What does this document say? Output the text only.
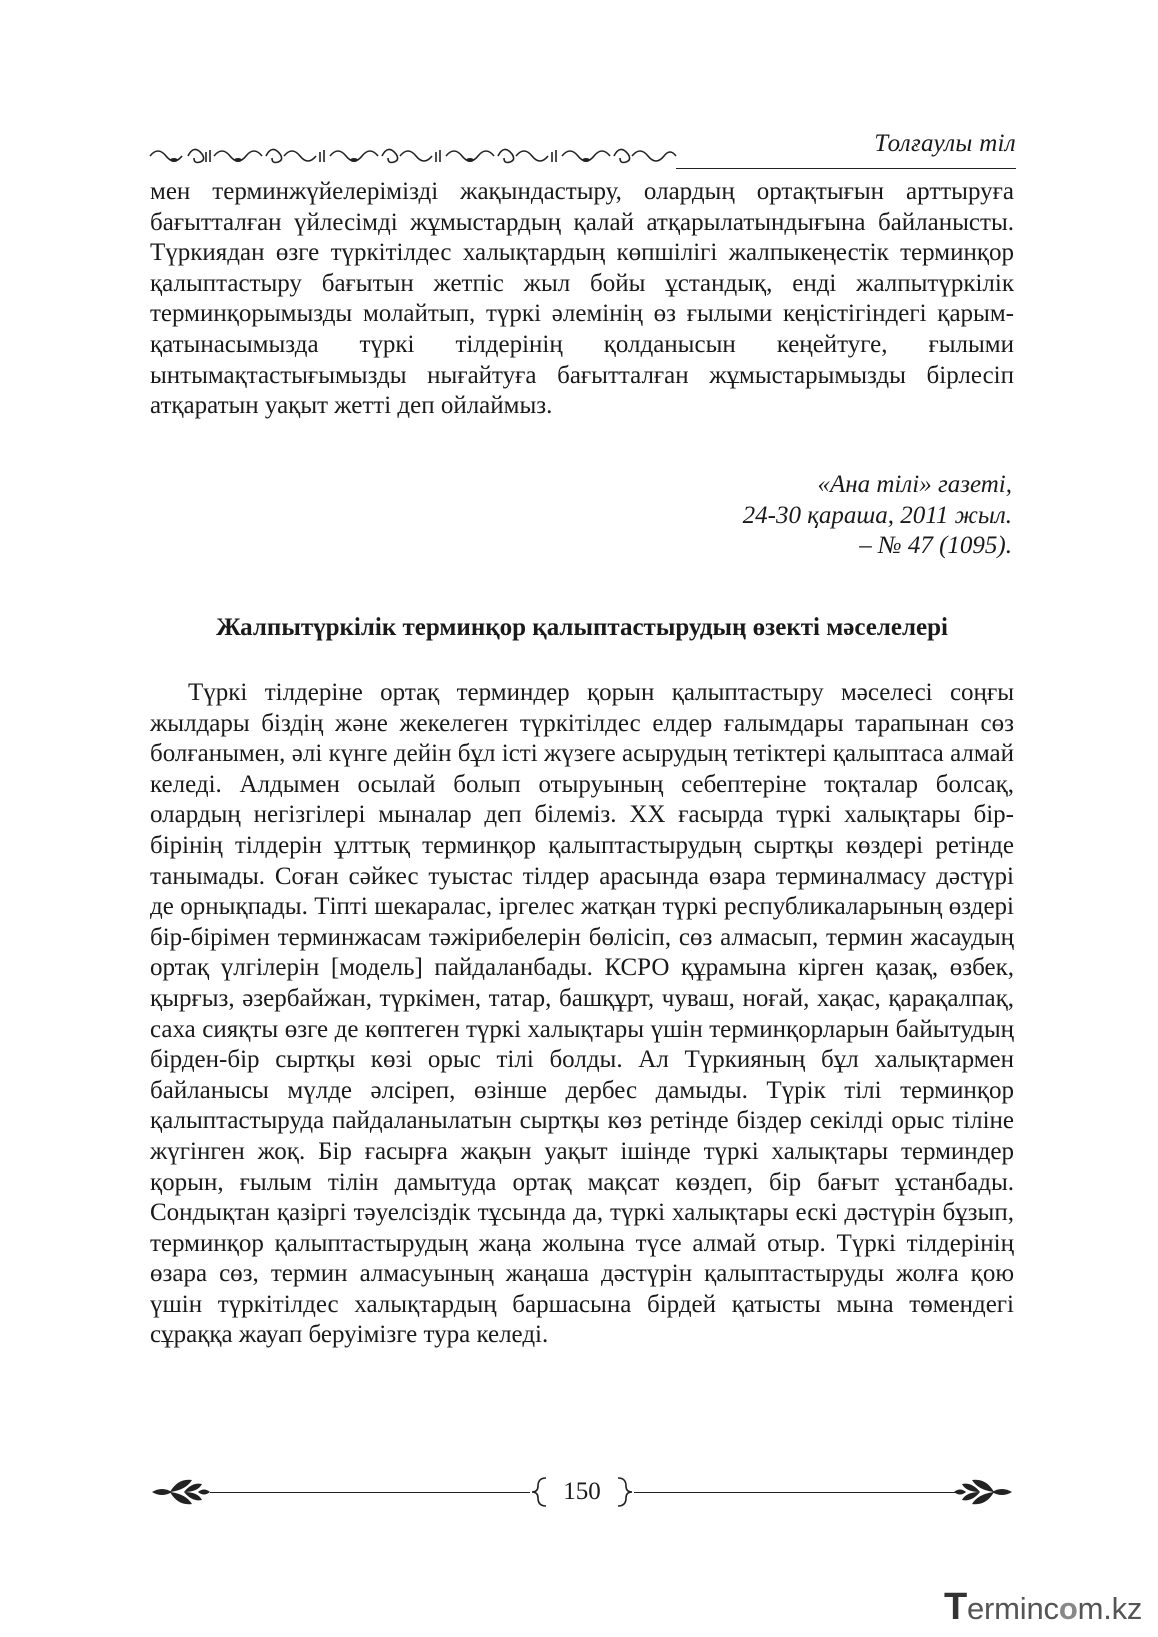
Толғаулы тіл

мен терминжүйелерімізді жақындастыру, олардың ортақтығын арттыруға бағытталған үйлесімді жұмыстардың қалай атқарылатындығына байланысты. Түркиядан өзге түркітілдес халықтардың көпшілігі жалпыкеңестік терминқор қалыптастыру бағытын жетпіс жыл бойы ұстандық, енді жалпытүркілік терминқорымызды молайтып, түркі әлемінің өз ғылыми кеңістігіндегі қарым-қатынасымызда түркі тілдерінің қолданысын кеңейтуге, ғылыми ынтымақтастығымызды нығайтуға бағытталған жұмыстарымызды бірлесіп атқаратын уақыт жетті деп ойлаймыз.

«Ана тілі» газеті,
24-30 қараша, 2011 жыл.
– № 47 (1095).
Жалпытүркілік терминқор қалыптастырудың өзекті мәселелері

Түркі тілдеріне ортақ терминдер қорын қалыптастыру мәселесі соңғы жылдары біздің және жекелеген түркітілдес елдер ғалымдары тарапынан сөз болғанымен, әлі күнге дейін бұл істі жүзеге асырудың тетіктері қалыптаса алмай келеді. Алдымен осылай болып отыруының себептеріне тоқталар болсақ, олардың негізгілері мыналар деп білеміз. XX ғасырда түркі халықтары бір-бірінің тілдерін ұлттық терминқор қалыптастырудың сыртқы көздері ретінде танымады. Соған сәйкес туыстас тілдер арасында өзара терминалмасу дәстүрі де орнықпады. Тіпті шекаралас, іргелес жатқан түркі республикаларының өздері бір-бірімен терминжасам тәжірибелерін бөлісіп, сөз алмасып, термин жасаудың ортақ үлгілерін [модель] пайдаланбады. КСРО құрамына кірген қазақ, өзбек, қырғыз, әзербайжан, түркімен, татар, башқұрт, чуваш, ноғай, хақас, қарақалпақ, саха сияқты өзге де көптеген түркі халықтары үшін терминқорларын байытудың бірден-бір сыртқы көзі орыс тілі болды. Ал Түркияның бұл халықтармен байланысы мүлде әлсіреп, өзінше дербес дамыды. Түрік тілі терминқор қалыптастыруда пайдаланылатын сыртқы көз ретінде біздер секілді орыс тіліне жүгінген жоқ. Бір ғасырға жақын уақыт ішінде түркі халықтары терминдер қорын, ғылым тілін дамытуда ортақ мақсат көздеп, бір бағыт ұстанбады. Сондықтан қазіргі тәуелсіздік тұсында да, түркі халықтары ескі дәстүрін бұзып, терминқор қалыптастырудың жаңа жолына түсе алмай отыр. Түркі тілдерінің өзара сөз, термин алмасуының жаңаша дәстүрін қалыптастыруды жолға қою үшін түркітілдес халықтардың баршасына бірдей қатысты мына төмендегі сұраққа жауап беруімізге тура келеді.

150
Termincom.kz
